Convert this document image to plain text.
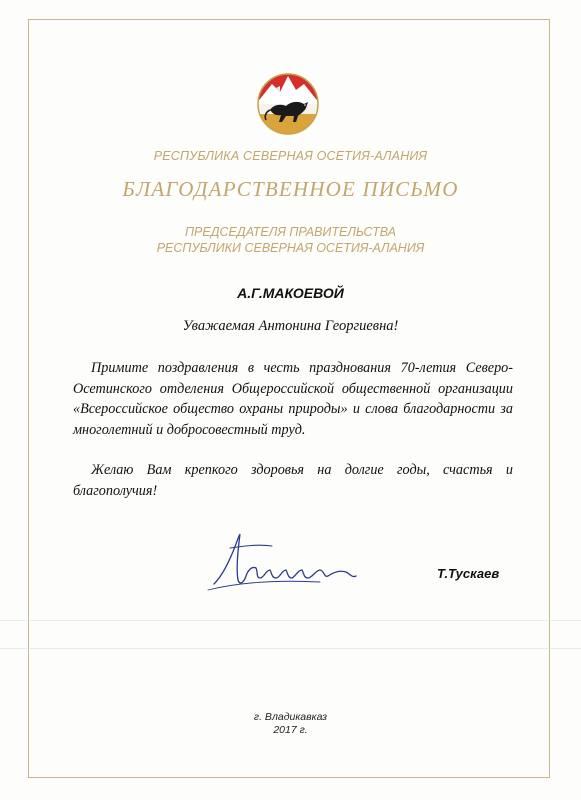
РЕСПУБЛИКА СЕВЕРНАЯ ОСЕТИЯ-АЛАНИЯ
БЛАГОДАРСТВЕННОЕ ПИСЬМО
ПРЕДСЕДАТЕЛЯ ПРАВИТЕЛЬСТВА
РЕСПУБЛИКИ СЕВЕРНАЯ ОСЕТИЯ-АЛАНИЯ
А.Г.МАКОЕВОЙ
Уважаемая Антонина Георгиевна!
Примите поздравления в честь празднования 70-летия Северо-Осетинского отделения Общероссийской общественной организации «Всероссийское общество охраны природы» и слова благодарности за многолетний и добросовестный труд.
Желаю Вам крепкого здоровья на долгие годы, счастья и благополучия!
Т.Тускаев
г. Владикавказ
2017 г.
